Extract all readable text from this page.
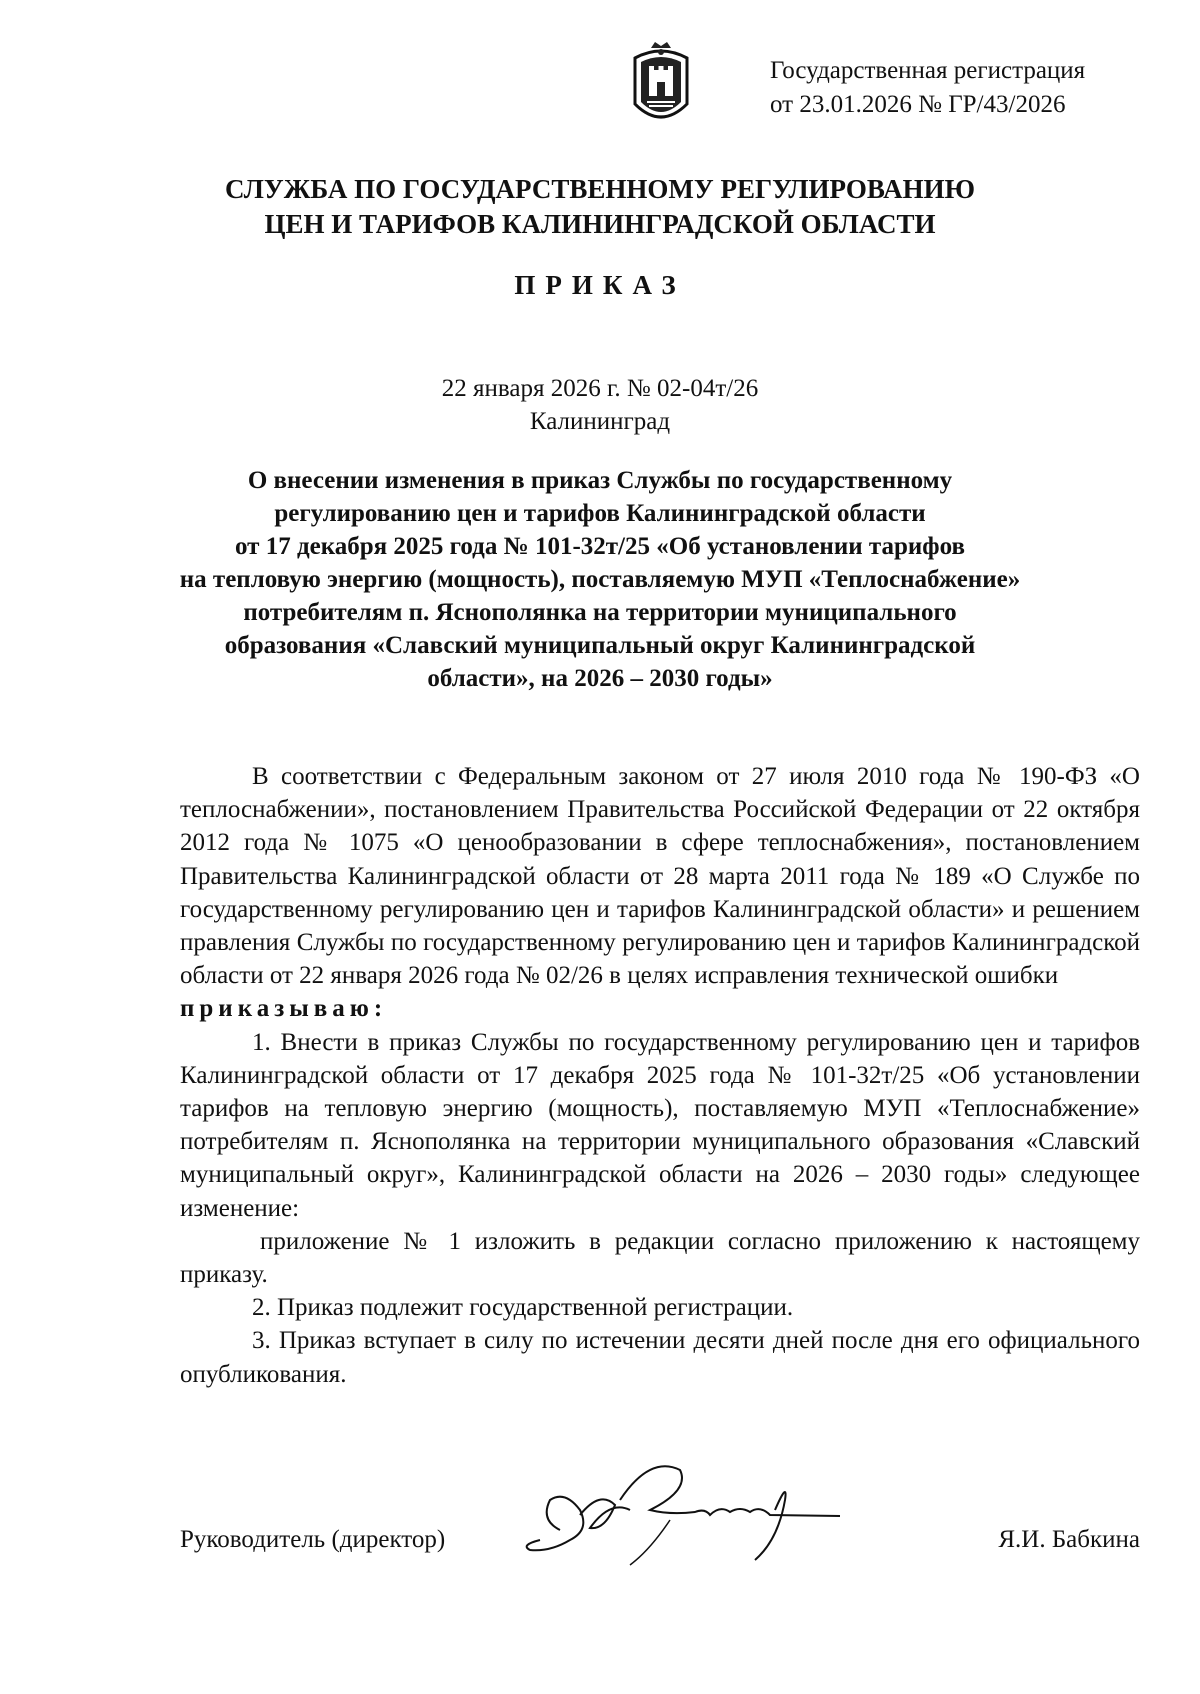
Государственная регистрация
от 23.01.2026 № ГР/43/2026
СЛУЖБА ПО ГОСУДАРСТВЕННОМУ РЕГУЛИРОВАНИЮ
ЦЕН И ТАРИФОВ КАЛИНИНГРАДСКОЙ ОБЛАСТИ
ПРИКАЗ
22 января 2026 г. № 02-04т/26
Калининград
О внесении изменения в приказ Службы по государственному
регулированию цен и тарифов Калининградской области
от 17 декабря 2025 года № 101-32т/25 «Об установлении тарифов
на тепловую энергию (мощность), поставляемую МУП «Теплоснабжение»
потребителям п. Яснополянка на территории муниципального
образования «Славский муниципальный округ Калининградской
области», на 2026 – 2030 годы»

В соответствии с Федеральным законом от 27 июля 2010 года № 190-ФЗ «О теплоснабжении», постановлением Правительства Российской Федерации от 22 октября 2012 года № 1075 «О ценообразовании в сфере теплоснабжения», постановлением Правительства Калининградской области от 28 марта 2011 года № 189 «О Службе по государственному регулированию цен и тарифов Калининградской области» и решением правления Службы по государственному регулированию цен и тарифов Калининградской области от 22 января 2026 года № 02/26 в целях исправления технической ошибки

приказываю:

1. Внести в приказ Службы по государственному регулированию цен и тарифов Калининградской области от 17 декабря 2025 года № 101-32т/25 «Об установлении тарифов на тепловую энергию (мощность), поставляемую МУП «Теплоснабжение» потребителям п. Яснополянка на территории муниципального образования «Славский муниципальный округ», Калининградской области на 2026 – 2030 годы» следующее изменение:

приложение № 1 изложить в редакции согласно приложению к настоящему приказу.

2. Приказ подлежит государственной регистрации.

3. Приказ вступает в силу по истечении десяти дней после дня его официального опубликования.

Руководитель (директор)	Я.И. Бабкина
